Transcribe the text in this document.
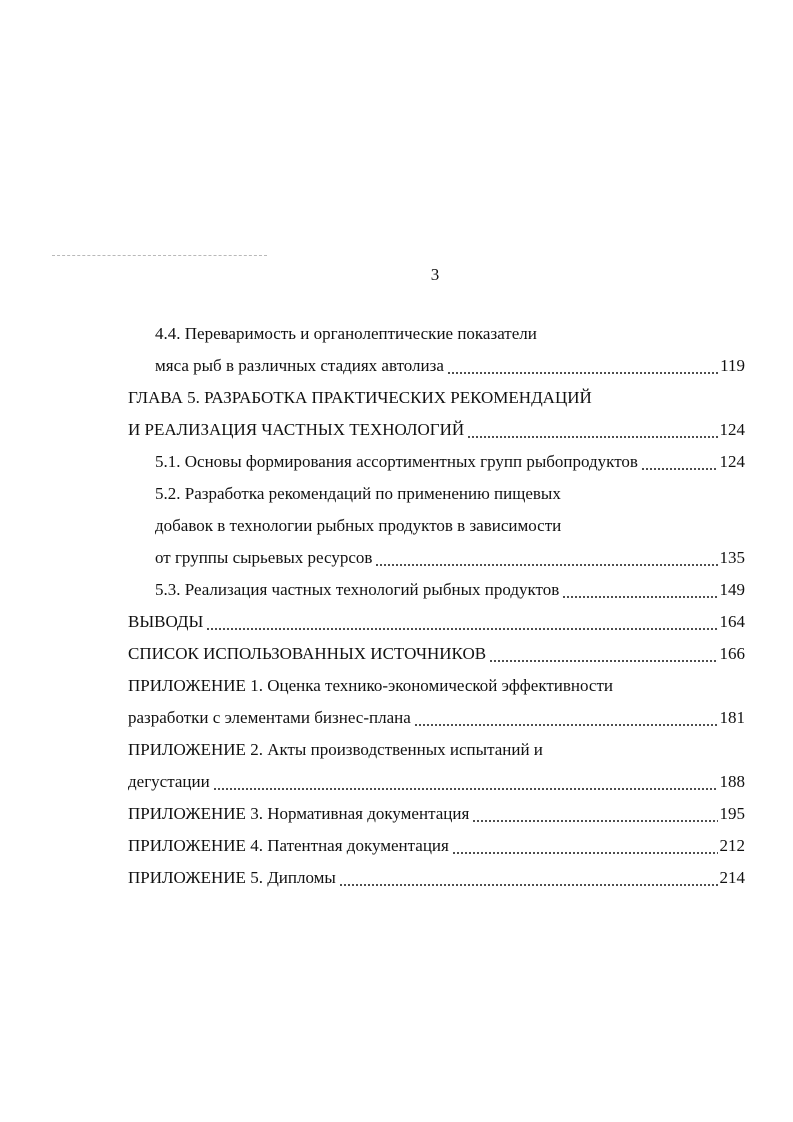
3
4.4. Переваримость и органолептические показатели
мяса рыб в различных стадиях автолиза	119
ГЛАВА 5. РАЗРАБОТКА ПРАКТИЧЕСКИХ РЕКОМЕНДАЦИЙ
И РЕАЛИЗАЦИЯ ЧАСТНЫХ ТЕХНОЛОГИЙ	124
5.1. Основы формирования ассортиментных групп рыбопродуктов	124
5.2. Разработка рекомендаций по применению пищевых
добавок в технологии рыбных продуктов в зависимости
от группы сырьевых ресурсов	135
5.3. Реализация частных технологий рыбных продуктов	149
ВЫВОДЫ	164
СПИСОК ИСПОЛЬЗОВАННЫХ ИСТОЧНИКОВ	166
ПРИЛОЖЕНИЕ 1. Оценка технико-экономической эффективности
разработки с элементами бизнес-плана	181
ПРИЛОЖЕНИЕ 2. Акты производственных испытаний и
дегустации	188
ПРИЛОЖЕНИЕ 3. Нормативная документация	195
ПРИЛОЖЕНИЕ 4. Патентная документация	212
ПРИЛОЖЕНИЕ 5. Дипломы	214
